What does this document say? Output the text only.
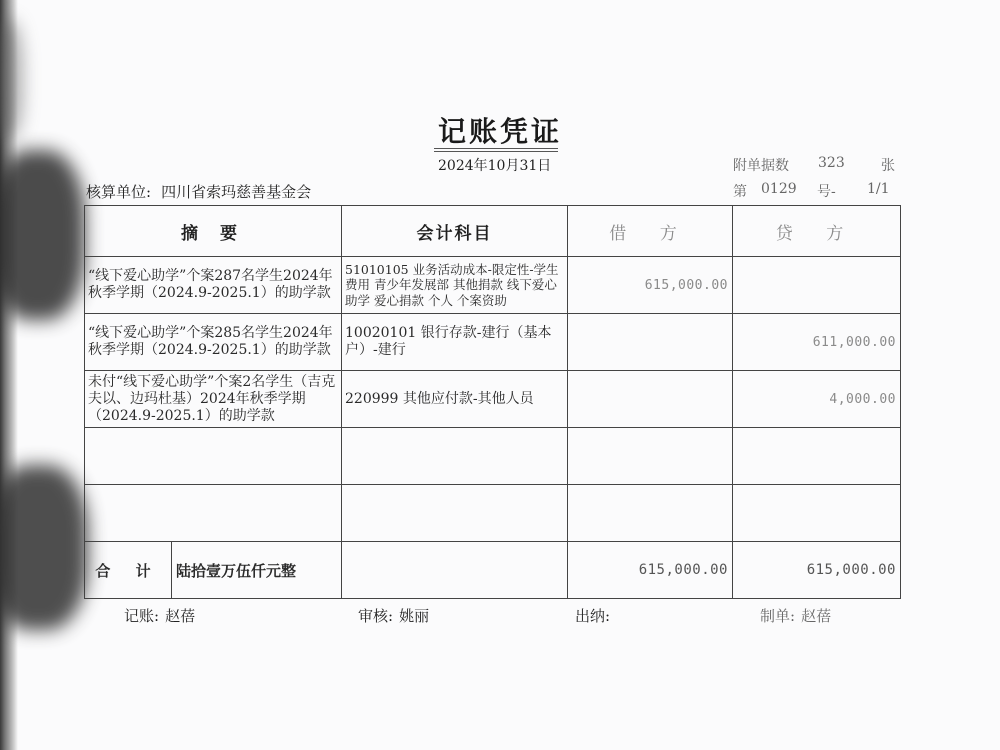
记账凭证
2024年10月31日	附单据数 323	张
第 0129 号- 1/1
核算单位: 四川省索玛慈善基金会
摘 要	会计科目	借 方	贷 方
“线下爱心助学”个案287名学生2024年秋季学期（2024.9-2025.1）的助学款	51010105 业务活动成本-限定性-学生费用 青少年发展部 其他捐款 线下爱心助学 爱心捐款 个人 个案资助	615,000.00	
“线下爱心助学”个案285名学生2024年秋季学期（2024.9-2025.1）的助学款	10020101 银行存款-建行（基本户）-建行		611,000.00
未付“线下爱心助学”个案2名学生（吉克夫以、边玛杜基）2024年秋季学期（2024.9-2025.1）的助学款	220999 其他应付款-其他人员		4,000.00

合 计 陆拾壹万伍仟元整		615,000.00	615,000.00
记账: 赵蓓	审核: 姚丽	出纳:	制单: 赵蓓
